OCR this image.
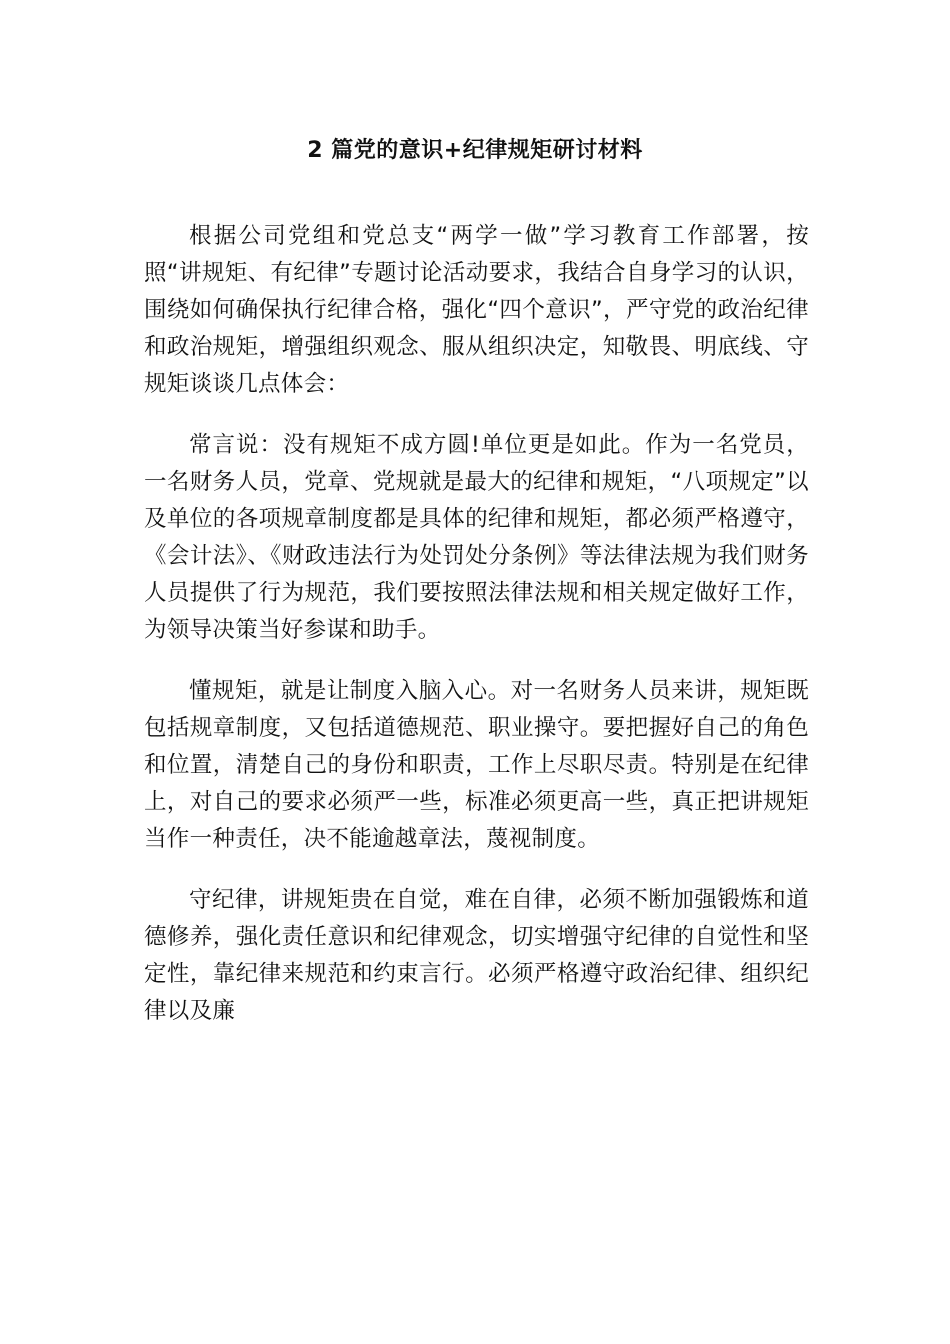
2 篇党的意识+纪律规矩研讨材料

根据公司党组和党总支“两学一做”学习教育工作部署，按照“讲规矩、有纪律”专题讨论活动要求，我结合自身学习的认识，围绕如何确保执行纪律合格，强化“四个意识”，严守党的政治纪律和政治规矩，增强组织观念、服从组织决定，知敬畏、明底线、守规矩谈谈几点体会：

常言说：没有规矩不成方圆!单位更是如此。作为一名党员，一名财务人员，党章、党规就是最大的纪律和规矩，“八项规定”以及单位的各项规章制度都是具体的纪律和规矩，都必须严格遵守，《会计法》、《财政违法行为处罚处分条例》等法律法规为我们财务人员提供了行为规范，我们要按照法律法规和相关规定做好工作，为领导决策当好参谋和助手。

懂规矩，就是让制度入脑入心。对一名财务人员来讲，规矩既包括规章制度，又包括道德规范、职业操守。要把握好自己的角色和位置，清楚自己的身份和职责，工作上尽职尽责。特别是在纪律上，对自己的要求必须严一些，标准必须更高一些，真正把讲规矩当作一种责任，决不能逾越章法，蔑视制度。

守纪律，讲规矩贵在自觉，难在自律，必须不断加强锻炼和道德修养，强化责任意识和纪律观念，切实增强守纪律的自觉性和坚定性，靠纪律来规范和约束言行。必须严格遵守政治纪律、组织纪律以及廉
